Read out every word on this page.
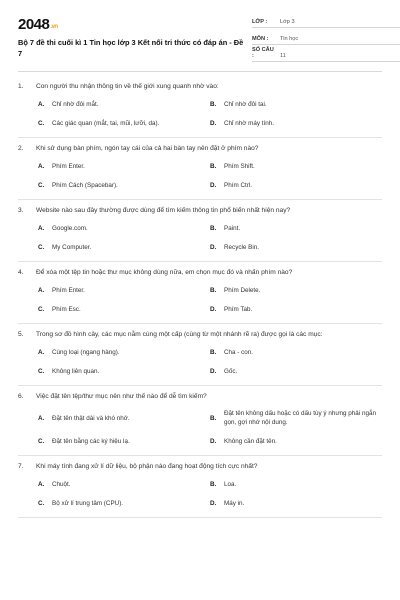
2048.vn
Bộ 7 đề thi cuối kì 1 Tin học lớp 3 Kết nối tri thức có đáp án - Đề 7
LỚP :	Lớp 3
MÔN :	Tin học
SỐ CÂU :	11
1.	Con người thu nhận thông tin về thế giới xung quanh nhờ vào:
A.	Chỉ nhờ đôi mắt.	B.	Chỉ nhờ đôi tai.
C.	Các giác quan (mắt, tai, mũi, lưỡi, da).	D.	Chỉ nhờ máy tính.
2.	Khi sử dụng bàn phím, ngón tay cái của cả hai bàn tay nên đặt ở phím nào?
A.	Phím Enter.	B.	Phím Shift.
C.	Phím Cách (Spacebar).	D.	Phím Ctrl.
3.	Website nào sau đây thường được dùng để tìm kiếm thông tin phổ biến nhất hiện nay?
A.	Google.com.	B.	Paint.
C.	My Computer.	D.	Recycle Bin.
4.	Để xóa một tệp tin hoặc thư mục không dùng nữa, em chọn mục đó và nhấn phím nào?
A.	Phím Enter.	B.	Phím Delete.
C.	Phím Esc.	D.	Phím Tab.
5.	Trong sơ đồ hình cây, các mục nằm cùng một cấp (cùng từ một nhánh rẽ ra) được gọi là các mục:
A.	Cùng loại (ngang hàng).	B.	Cha - con.
C.	Không liên quan.	D.	Gốc.
6.	Việc đặt tên tệp/thư mục nên như thế nào để dễ tìm kiếm?
A.	Đặt tên thật dài và khó nhớ.	B.
Đặt tên không dấu hoặc có dấu tùy ý nhưng phải ngắn gọn, gợi nhớ nội dung.
C.	Đặt tên bằng các ký hiệu lạ.	D.	Không cần đặt tên.
7.	Khi máy tính đang xử lí dữ liệu, bộ phận nào đang hoạt động tích cực nhất?
A.	Chuột.	B.	Loa.
C.	Bộ xử lí trung tâm (CPU).	D.	Máy in.
